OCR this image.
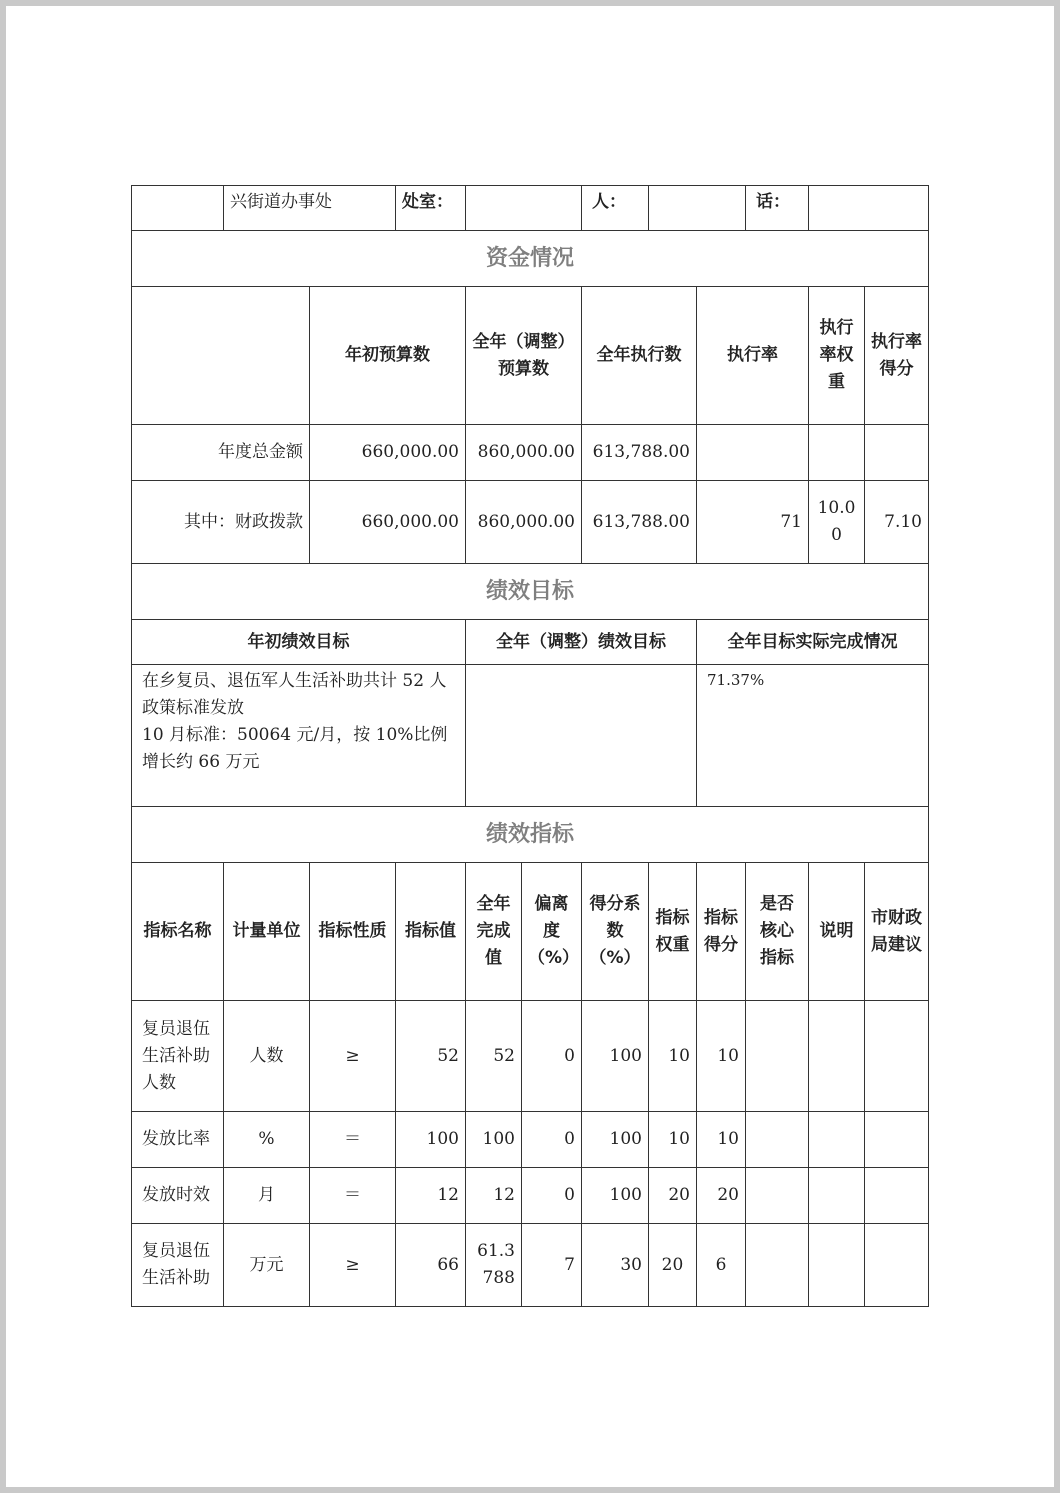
	兴街道办事处		处室：			人：			话：		
资金情况											
		年初预算数		全年（调整）预算数		全年执行数		执行率		执行率权重	执行率得分
年度总金额		660,000.00		860,000.00		613,788.00					
其中：财政拨款		660,000.00		860,000.00		613,788.00		71		10.00	7.10
绩效目标											
年初绩效目标				全年（调整）绩效目标				全年目标实际完成情况			
在乡复员、退伍军人生活补助共计 52 人政策标准发放
10 月标准：50064 元/月，按 10%比例增长约 66 万元								71.37%			
绩效指标											
指标名称	计量单位	指标性质	指标值	全年完成值	偏离度（%）	得分系数（%）	指标权重	指标得分	是否核心指标	说明	市财政局建议
复员退伍生活补助人数	人数	≥	52	52	0	100	10	10			
发放比率	%	＝	100	100	0	100	10	10			
发放时效	月	＝	12	12	0	100	20	20			
复员退伍生活补助	万元	≥	66	61.3788	7	30	20	6			
